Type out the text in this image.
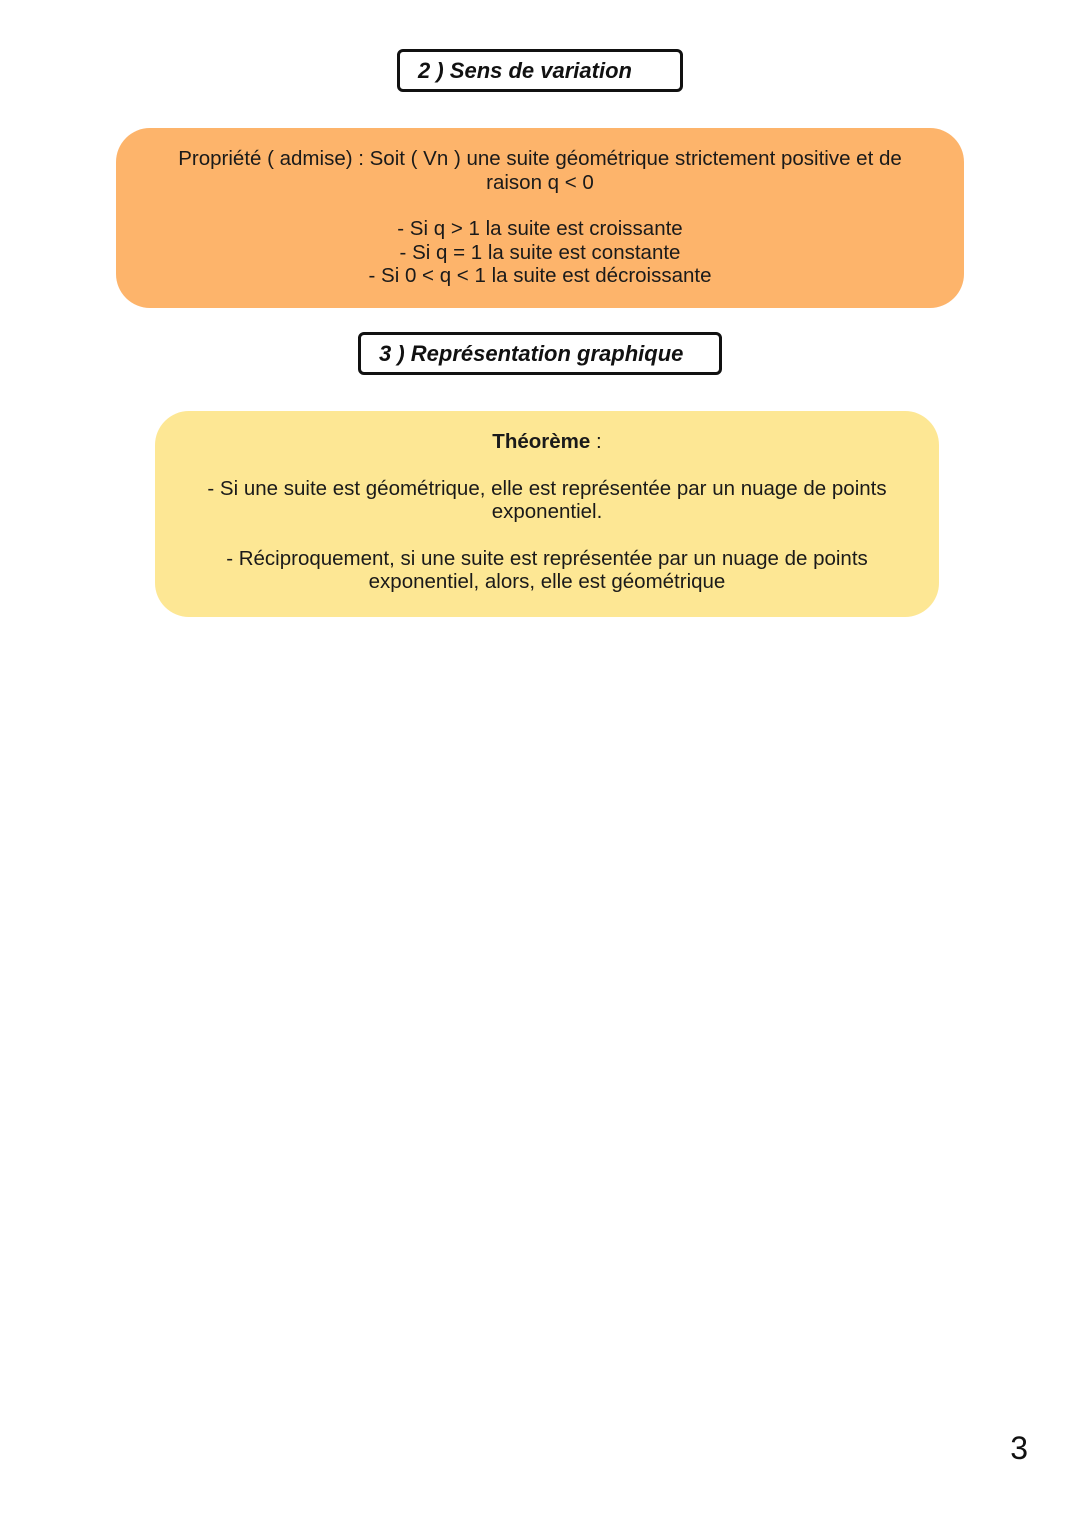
2 ) Sens de variation
Propriété ( admise) : Soit ( Vn ) une suite géométrique strictement positive et de
raison q < 0
- Si q > 1 la suite est croissante
- Si q = 1 la suite est constante
- Si 0 < q < 1 la suite est décroissante
3 ) Représentation graphique
Théorème :
- Si une suite est géométrique, elle est représentée par un nuage de points
exponentiel.
- Réciproquement, si une suite est représentée par un nuage de points
exponentiel, alors, elle est géométrique
3
